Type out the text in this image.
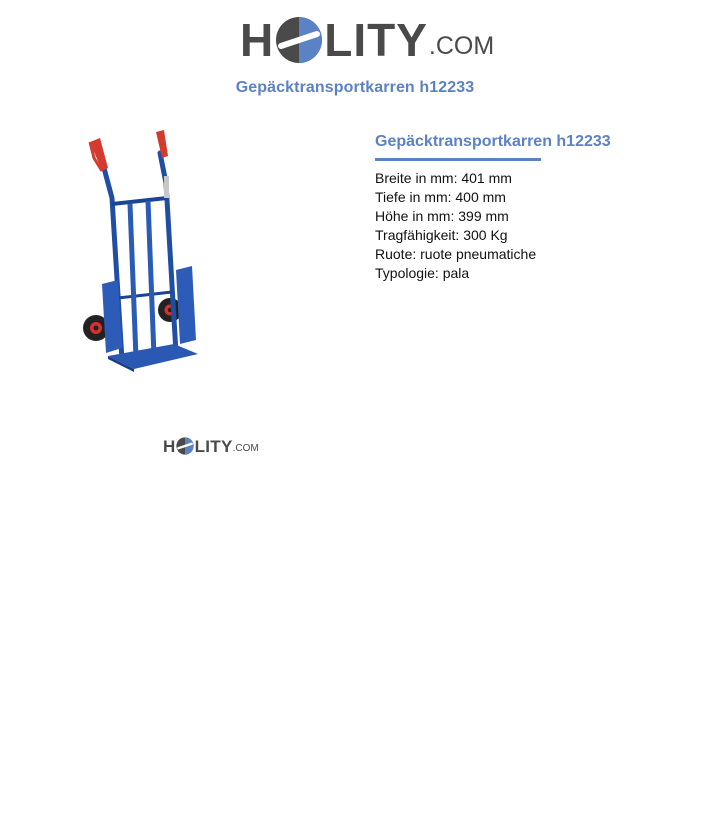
H LITY .COM
Gepäcktransportkarren h12233
Gepäcktransportkarren h12233
Breite in mm: 401 mm
Tiefe in mm: 400 mm
Höhe in mm: 399 mm
Tragfähigkeit: 300 Kg
Ruote: ruote pneumatiche
Typologie: pala
H LITY .COM
